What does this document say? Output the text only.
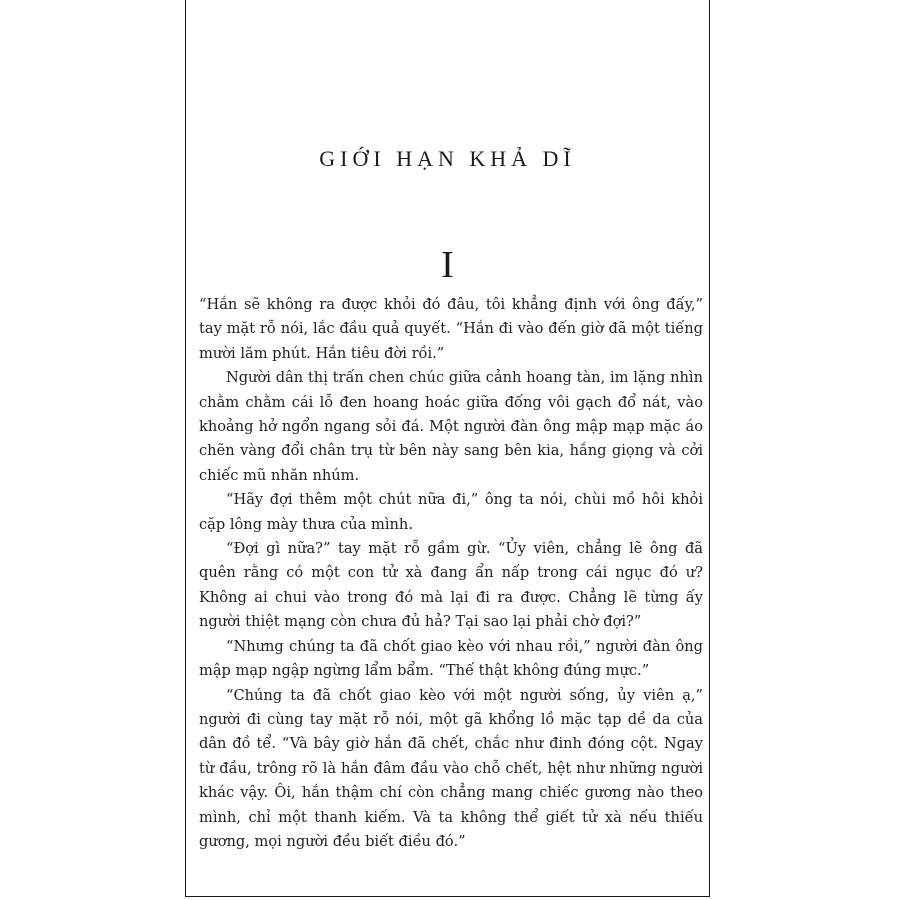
GIỚI HẠN KHẢ DĨ
I

“Hắn sẽ không ra được khỏi đó đâu, tôi khẳng định với ông đấy,” tay mặt rỗ nói, lắc đầu quả quyết. “Hắn đi vào đến giờ đã một tiếng mười lăm phút. Hắn tiêu đời rồi.”

Người dân thị trấn chen chúc giữa cảnh hoang tàn, im lặng nhìn chằm chằm cái lỗ đen hoang hoác giữa đống vôi gạch đổ nát, vào khoảng hở ngổn ngang sỏi đá. Một người đàn ông mập mạp mặc áo chẽn vàng đổi chân trụ từ bên này sang bên kia, hắng giọng và cởi chiếc mũ nhăn nhúm.

“Hãy đợi thêm một chút nữa đi,” ông ta nói, chùi mồ hôi khỏi cặp lông mày thưa của mình.

“Đợi gì nữa?” tay mặt rỗ gầm gừ. “Ủy viên, chẳng lẽ ông đã quên rằng có một con tử xà đang ẩn nấp trong cái ngục đó ư? Không ai chui vào trong đó mà lại đi ra được. Chẳng lẽ từng ấy người thiệt mạng còn chưa đủ hả? Tại sao lại phải chờ đợi?”

“Nhưng chúng ta đã chốt giao kèo với nhau rồi,” người đàn ông mập mạp ngập ngừng lẩm bẩm. “Thế thật không đúng mực.”

“Chúng ta đã chốt giao kèo với một người sống, ủy viên ạ,” người đi cùng tay mặt rỗ nói, một gã khổng lồ mặc tạp dề da của dân đồ tể. “Và bây giờ hắn đã chết, chắc như đinh đóng cột. Ngay từ đầu, trông rõ là hắn đâm đầu vào chỗ chết, hệt như những người khác vậy. Ôi, hắn thậm chí còn chẳng mang chiếc gương nào theo mình, chỉ một thanh kiếm. Và ta không thể giết tử xà nếu thiếu gương, mọi người đều biết điều đó.”
